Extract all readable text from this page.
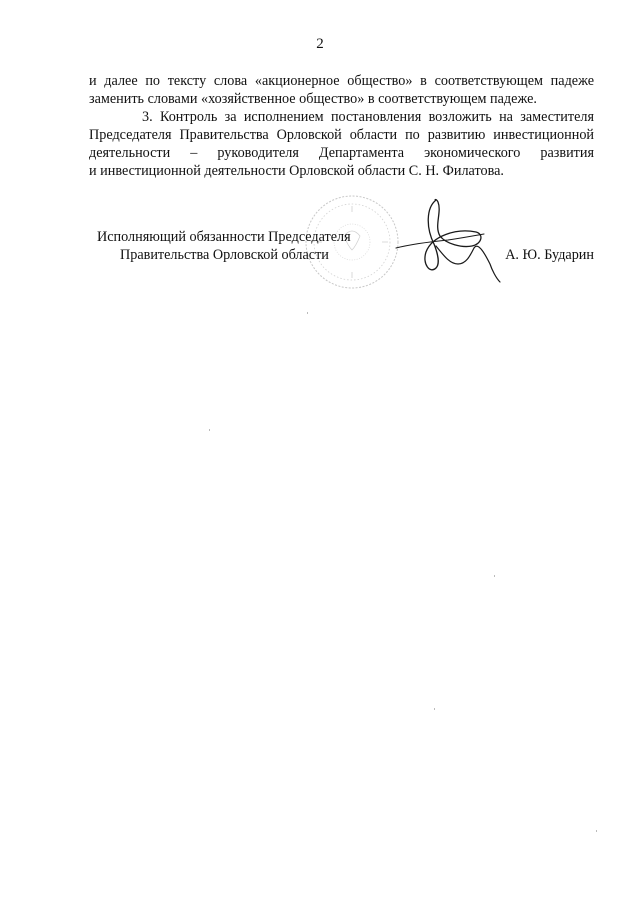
2
и далее по тексту слова «акционерное общество» в соответствующем падеже
заменить словами «хозяйственное общество» в соответствующем падеже.
3. Контроль за исполнением постановления возложить на заместителя
Председателя Правительства Орловской области по развитию инвестиционной
деятельности – руководителя Департамента экономического развития
и инвестиционной деятельности Орловской области С. Н. Филатова.
Исполняющий обязанности Председателя
Правительства Орловской области	А. Ю. Бударин
